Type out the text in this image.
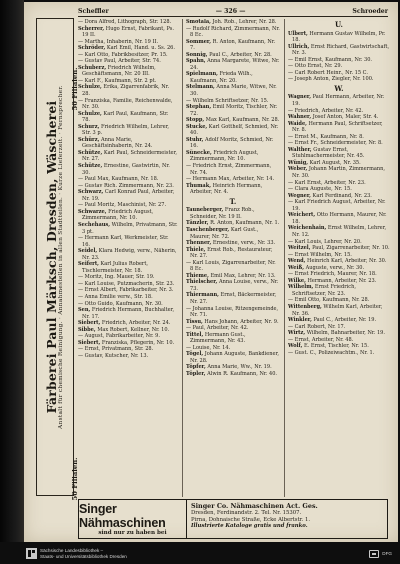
Scheffler	— 326 —	Schroeder
50 Filialen.
Färberei Paul Märksch, Dresden, Wäscherei Anstalt für chemische Reinigung. · Annahmestellen in allen Stadtteilen. · Kurze Lieferzeit. · Fernsprecher.
50 Filialen.
— Dora Alfred, Lithograph, Str. 128.
Scherrer, Hugo Ernst, Fabrikant, Ps. 19 II.
— Martha, Inhaberin, Nr. 19 II.
Schröder, Karl Emil, Hand. u. Ss. 26.
— Karl Otto, Fabrikbesitzer, Pr. 15.
— Gustav Paul, Arbeiter, Str. 74.
Schuberz, Friedrich Wilhelm, Geschäftsmann, Nr. 20 III.
— Karl F., Kaufmann, Str. 2 pt.
Schulze, Erika, Zigarrenfabrik, Nr. 28.
— Franziska, Familie, Reichenwalde, Nr. 30.
Schulze, Karl Paul, Kaufmann, Str. 78.
Schurz, Friedrich Wilhelm, Lehrer, Str. 3 p.
Schürz, Anna Marie, Geschäftsinhaberin, Nr. 24.
Schütze, Karl Paul, Schneidermeister, Nr. 27.
Schütze, Ernestine, Gastwirtin, Nr. 30.
— Paul Max, Kaufmann, Nr. 18.
— Gustav Rich. Zimmermann, Nr. 23.
Schwarz, Carl Konrad Paul, Arbeiter, Nr. 19.
— Paul Moritz, Maschinist, Nr. 27.
Schwarze, Friedrich August, Zimmermann, Nr. 10.
Sechehaus, Wilhelm, Privatmann, Str. 3 pt.
— Hermann Karl, Werkmeister, Str. 16.
Seidel, Klara Hedwig, verw., Näherin, Nr. 23.
Seifert, Karl Julius Robert, Tischlermeister, Nr. 18.
— Moritz, Ing. Mauer, Str. 19.
— Karl Louise, Putzmacherin, Str. 23.
— Ernst Albert, Fabrikarbeiter, Nr. 3.
— Anna Emilie verw., Str. 18.
— Otto Guido, Kaufmann, Nr. 30.
Sen, Friedrich Hermann, Buchhalter, Nr. 17.
Siebert, Friedrich, Arbeiter, Nr. 24.
Sibbe, Max Robert, Kellner, Nr. 10.
— August, Fabrikarbeiter, Nr. 9.
Siebert, Franziska, Pflegerin, Nr. 10.
— Ernst, Privatmann, Str. 28.
— Gustav, Kutscher, Nr. 13.
Smotala, Joh. Rob., Lehrer, Nr. 28.
— Rudolf Richard, Zimmermann, Nr. 8 Ec.
Sommer, R. Anton, Kaufmann, Nr. 7.
Sonnig, Paul C., Arbeiter, Nr. 28.
Spahn, Anna Margarete, Witwe, Nr. 24.
Spielmann, Frieda Wilh., Kaufmann, Nr. 20.
Stelmann, Anna Marie, Witwe, Nr. 30.
— Wilhelm Schriftsetzer, Nr. 15.
Stephan, Emil Moritz, Tischler, Nr. 72.
Stopp, Max Karl, Kaufmann, Nr. 28.
Stucke, Karl Gotthelf, Schmied, Nr. 40.
Stuhr, Adolf Moritz, Schmied, Nr. 16.
Sünecke, Friedrich August, Zimmermann, Nr. 10.
— Friedrich Ernst, Zimmermann, Nr. 74.
— Hermann Max, Arbeiter, Nr. 14.
Thumak, Heinrich Hermann, Arbeiter, Nr. 4.
T.
Tauneberger, Franz Rob., Schneider, Nr. 19 II.
Tänzler, R. Anton, Kaufmann, Nr. 1.
Taschenberger, Karl Gust., Maurer, Nr. 72.
Thenner, Ernestine, verw., Nr. 33.
Thiele, Ernst Rob., Restaurateur, Nr. 27.
— Karl Louis, Zigarrenarbeiter, Nr. 8 Ec.
Thieme, Emil Max, Lehrer, Nr. 13.
Thielscher, Anna Louise, verw., Nr. 73.
Thiermann, Ernst, Bäckermeister, Nr. 27.
— Johanna Louise, Ritzengemeinde, Nr. 71.
Tissu, Hans Johann, Arbeiter, Nr. 9.
— Paul, Arbeiter, Nr. 42.
Tittel, Hermann Gust., Zimmermann, Nr. 43.
— Louise, Nr. 14.
Tögel, Johann Auguste, Bankdiener, Nr. 28.
Töpfer, Anna Marie, Ww., Nr. 19.
Töpler, Alwin R. Kaufmann, Nr. 40.
U.
Ulbert, Hermann Gustav Wilhelm, Pr. 18.
Ullrich, Ernst Richard, Gastwirtschaft, Nr. 3.
— Emil Ernst, Kaufmann, Nr. 30.
— Otto Ernst, Nr. 29.
— Carl Robert Heinr., Nr. 15 C.
— Joseph Anton, Ziegler, Nr. 100.
W.
Wagner, Paul Hermann, Arbeiter, Nr. 19.
— Friedrich, Arbeiter, Nr. 42.
Wahner, Josef Anton, Maler, Str. 4.
Waide, Hermann Paul, Schriftsetzer, Nr. 8.
— Ernst M., Kaufmann, Nr. 8.
— Ernst Fr., Schneidermeister, Nr. 8.
Walther, Gustav Ernst, Stuhlmachermeister, Nr. 45.
Wünig, Karl August, Nr. 35.
Weber, Johann Martin, Zimmermann, Nr. 30.
— Karl Ernst, Arbeiter, Nr. 23.
— Clara Auguste, Nr. 15.
Wegner, Karl Ferdinand, Nr. 23.
— Karl Friedrich August, Arbeiter, Nr. 19.
Weichert, Otto Hermann, Maurer, Nr. 18.
Weichenhain, Ernst Wilhelm, Lehrer, Nr. 12.
— Karl Louis, Lehrer, Nr. 20.
Weitzel, Paul, Zigarrenarbeiter, Nr. 10.
— Ernst Wilhelm, Nr. 15.
Wend, Heinrich Karl, Arbeiter, Nr. 30.
Weiß, Auguste, verw., Nr. 30.
— Ernst Friedrich, Maurer, Nr. 18.
Wilke, Hermann, Arbeiter, Nr. 23.
Wilhelm, Ernst Friedrich, Schriftsetzer, Nr. 23.
— Emil Otto, Kaufmann, Nr. 28.
Wittenberg, Wilhelm Karl, Arbeiter, Nr. 36.
Winkler, Paul C., Arbeiter, Nr. 19.
— Carl Robert, Nr. 17.
Wirtz, Wilhelm, Bahnarbeiter, Nr. 19.
— Ernst, Arbeiter, Nr. 48.
Wolf, E. Ernst, Tischler, Nr. 15.
— Gust. C., Polizeiwachtm., Nr. 1.
Singer Nähmaschinen
sind nur zu haben bei
Singer Co. Nähmaschinen Act. Ges.
Dresden, Ferdinandstr. 2. Tel. Nr. 15307.
Pirna, Dohnaische Straße, Ecke Albertstr. 1.
Illustrierte Kataloge gratis und franko.
Sächsische Landesbibliothek –
Staats- und Universitätsbibliothek Dresden	DFG
